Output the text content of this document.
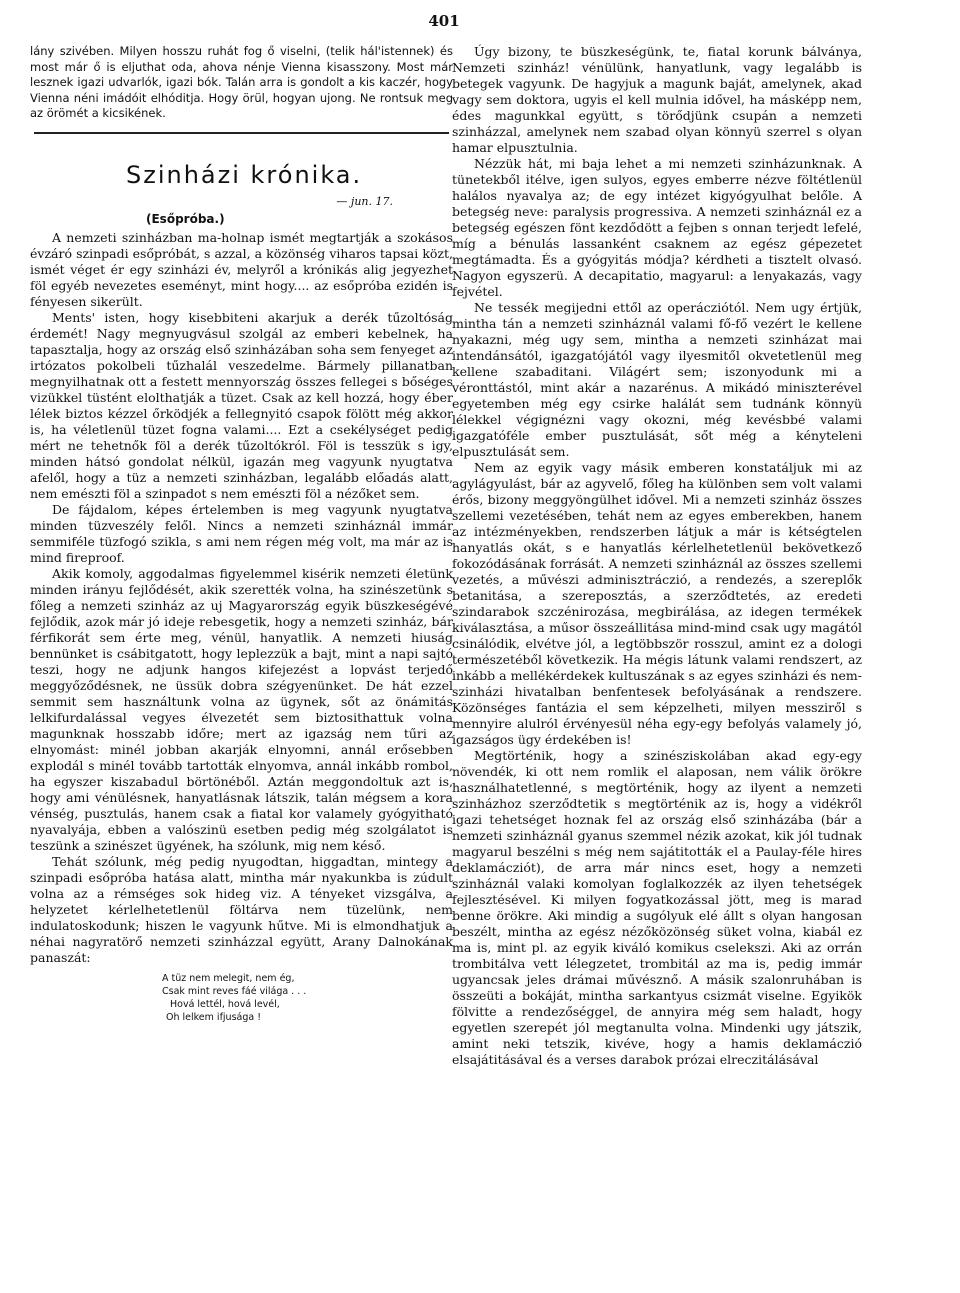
401

lány szivében. Milyen hosszu ruhát fog ő viselni, (telik hál'istennek) és most már ő is eljuthat oda, ahova nénje Vienna kisasszony. Most már lesznek igazi udvarlók, igazi bók. Talán arra is gondolt a kis kaczér, hogy Vienna néni imádóit elhóditja. Hogy örül, hogyan ujong. Ne rontsuk meg az örömét a kicsikének.

Szinházi krónika.
— jun. 17.
(Esőpróba.)

A nemzeti szinházban ma-holnap ismét megtartják a szokásos évzáró szinpadi esőpróbát, s azzal, a közönség viharos tapsai közt, ismét véget ér egy szinházi év, melyről a krónikás alig jegyezhet föl egyéb nevezetes eseményt, mint hogy.... az esőpróba ezidén is fényesen sikerült.

Ments' isten, hogy kisebbiteni akarjuk a derék tűzoltóság érdemét! Nagy megnyugvásul szolgál az emberi kebelnek, ha tapasztalja, hogy az ország első szinházában soha sem fenyeget az irtózatos pokolbeli tűzhalál veszedelme. Bármely pillanatban megnyilhatnak ott a festett mennyország összes fellegei s bőséges vizükkel tüstént elolthatják a tüzet. Csak az kell hozzá, hogy éber lélek biztos kézzel őrködjék a fellegnyitó csapok fölött még akkor is, ha véletlenül tüzet fogna valami.... Ezt a csekélységet pedig mért ne tehetnők föl a derék tűzoltókról. Föl is tesszük s igy, minden hátsó gondolat nélkül, igazán meg vagyunk nyugtatva afelől, hogy a tüz a nemzeti szinházban, legalább előadás alatt, nem emészti föl a szinpadot s nem emészti föl a nézőket sem.

De fájdalom, képes értelemben is meg vagyunk nyugtatva minden tüzveszély felől. Nincs a nemzeti szinháznál immár semmiféle tüzfogó szikla, s ami nem régen még volt, ma már az is mind fireproof.

Akik komoly, aggodalmas figyelemmel kisérik nemzeti életünk minden irányu fejlődését, akik szerették volna, ha szinészetünk s főleg a nemzeti szinház az uj Magyarország egyik büszkeségévé fejlődik, azok már jó ideje rebesgetik, hogy a nemzeti szinház, bár férfikorát sem érte meg, vénül, hanyatlik. A nemzeti hiuság bennünket is csábitgatott, hogy leplezzük a bajt, mint a napi sajtó teszi, hogy ne adjunk hangos kifejezést a lopvást terjedő meggyőződésnek, ne üssük dobra szégyenünket. De hát ezzel semmit sem használtunk volna az ügynek, sőt az önámitás lelkifurdalással vegyes élvezetét sem biztosithattuk volna magunknak hosszabb időre; mert az igazság nem tűri az elnyomást: minél jobban akarják elnyomni, annál erősebben explodál s minél tovább tartották elnyomva, annál inkább rombol, ha egyszer kiszabadul börtönéből. Aztán meggondoltuk azt is, hogy ami vénülésnek, hanyatlásnak látszik, talán mégsem a kora vénség, pusztulás, hanem csak a fiatal kor valamely gyógyitható nyavalyája, ebben a valószinü esetben pedig még szolgálatot is teszünk a szinészet ügyének, ha szólunk, mig nem késő.

Tehát szólunk, még pedig nyugodtan, higgadtan, mintegy a szinpadi esőpróba hatása alatt, mintha már nyakunkba is zúdult volna az a rémséges sok hideg viz. A tényeket vizsgálva, a helyzetet kérlelhetetlenül föltárva nem tüzelünk, nem indulatoskodunk; hiszen le vagyunk hűtve. Mi is elmondhatjuk a néhai nagyratörő nemzeti szinházzal együtt, Arany Dalnokának panaszát:

A tüz nem melegit, nem ég,
Csak mint reves fáé világa . . .
Hová lettél, hová levél,
Oh lelkem ifjusága !

Úgy bizony, te büszkeségünk, te, fiatal korunk bálványa, Nemzeti szinház! vénülünk, hanyatlunk, vagy legalább is betegek vagyunk. De hagyjuk a magunk baját, amelynek, akad vagy sem doktora, ugyis el kell mulnia idővel, ha másképp nem, édes magunkkal együtt, s törődjünk csupán a nemzeti szinházzal, amelynek nem szabad olyan könnyü szerrel s olyan hamar elpusztulnia.

Nézzük hát, mi baja lehet a mi nemzeti szinházunknak. A tünetekből itélve, igen sulyos, egyes emberre nézve föltétlenül halálos nyavalya az; de egy intézet kigyógyulhat belőle. A betegség neve: paralysis progressiva. A nemzeti szinháznál ez a betegség egészen fönt kezdődött a fejben s onnan terjedt lefelé, míg a bénulás lassanként csaknem az egész gépezetet megtámadta. És a gyógyitás módja? kérdheti a tisztelt olvasó. Nagyon egyszerü. A decapitatio, magyarul: a lenyakazás, vagy fejvétel.

Ne tessék megijedni ettől az operácziótól. Nem ugy értjük, mintha tán a nemzeti szinháznál valami fő-fő vezért le kellene nyakazni, még ugy sem, mintha a nemzeti szinházat mai intendánsától, igazgatójától vagy ilyesmitől okvetetlenül meg kellene szabaditani. Világért sem; iszonyodunk mi a véronttástól, mint akár a nazarénus. A mikádó miniszterével egyetemben még egy csirke halálát sem tudnánk könnyü lélekkel végignézni vagy okozni, még kevésbbé valami igazgatóféle ember pusztulását, sőt még a kényteleni elpusztulását sem.

Nem az egyik vagy másik emberen konstatáljuk mi az agylágyulást, bár az agyvelő, főleg ha különben sem volt valami érős, bizony meggyöngülhet idővel. Mi a nemzeti szinház összes szellemi vezetésében, tehát nem az egyes emberekben, hanem az intézményekben, rendszerben látjuk a már is kétségtelen hanyatlás okát, s e hanyatlás kérlelhetetlenül bekövetkező fokozódásának forrását. A nemzeti szinháznál az összes szellemi vezetés, a művészi adminisztráczió, a rendezés, a szereplők betanitása, a szereposztás, a szerződtetés, az eredeti szindarabok szczénirozása, megbirálása, az idegen termékek kiválasztása, a műsor összeállitása mind-mind csak ugy magától csinálódik, elvétve jól, a legtöbbször rosszul, amint ez a dologi természetéből következik. Ha mégis látunk valami rendszert, az inkább a mellékérdekek kultuszának s az egyes szinházi és nem-szinházi hivatalban benfentesek befolyásának a rendszere. Közönséges fantázia el sem képzelheti, milyen messziről s mennyire alulról érvényesül néha egy-egy befolyás valamely jó, igazságos ügy érdekében is!

Megtörténik, hogy a szinésziskolában akad egy-egy növendék, ki ott nem romlik el alaposan, nem válik örökre használhatetlenné, s megtörténik, hogy az ilyent a nemzeti szinházhoz szerződtetik s megtörténik az is, hogy a vidékről igazi tehetséget hoznak fel az ország első szinházába (bár a nemzeti szinháznál gyanus szemmel nézik azokat, kik jól tudnak magyarul beszélni s még nem sajátitották el a Paulay-féle hires deklamácziót), de arra már nincs eset, hogy a nemzeti szinháznál valaki komolyan foglalkozzék az ilyen tehetségek fejlesztésével. Ki milyen fogyatkozással jött, meg is marad benne örökre. Aki mindig a sugólyuk elé állt s olyan hangosan beszélt, mintha az egész nézőközönség süket volna, kiabál ez ma is, mint pl. az egyik kiváló komikus cselekszi. Aki az orrán trombitálva vett lélegzetet, trombitál az ma is, pedig immár ugyancsak jeles drámai művésznő. A másik szalonruhában is összeüti a bokáját, mintha sarkantyus csizmát viselne. Egyikök fölvitte a rendezőséggel, de annyira még sem haladt, hogy egyetlen szerepét jól megtanulta volna. Mindenki ugy játszik, amint neki tetszik, kivéve, hogy a hamis deklamáczió elsajátitásával és a verses darabok prózai elreczitálásával
